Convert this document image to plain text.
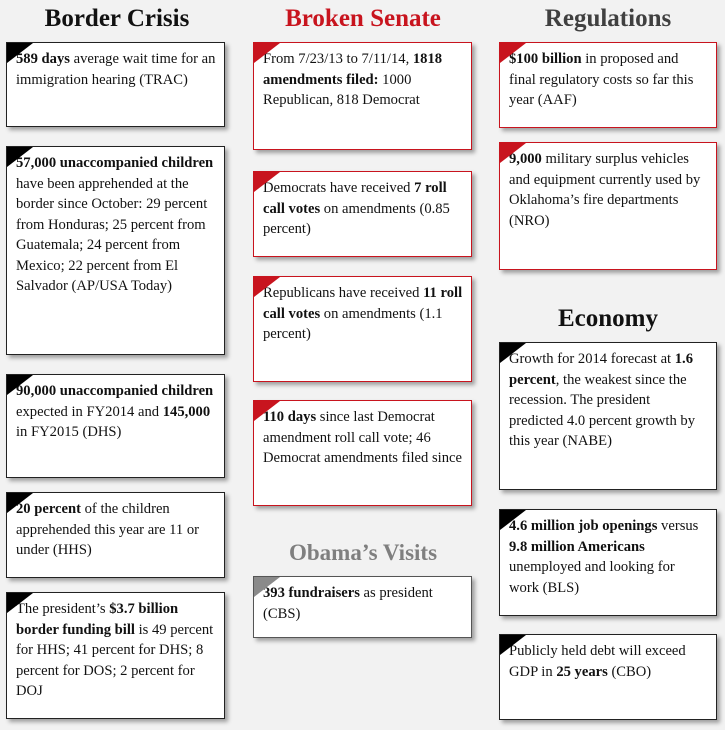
Border Crisis	Broken Senate	Regulations
Economy
Obama’s Visits
589 days average wait time for an immigration hearing (TRAC)
57,000 unaccompanied children have been apprehended at the border since October: 29 percent from Honduras; 25 percent from Guatemala; 24 percent from Mexico; 22 percent from El Salvador (AP/USA Today)
90,000 unaccompanied children expected in FY2014 and 145,000 in FY2015 (DHS)
20 percent of the children apprehended this year are 11 or under (HHS)
The president’s $3.7 billion border funding bill is 49 percent for HHS; 41 percent for DHS; 8 percent for DOS; 2 percent for DOJ
From 7/23/13 to 7/11/14, 1818 amendments filed: 1000 Republican, 818 Democrat
Democrats have received 7 roll call votes on amendments (0.85 percent)
Republicans have received 11 roll call votes on amendments (1.1 percent)
110 days since last Democrat amendment roll call vote; 46 Democrat amendments filed since
393 fundraisers as president (CBS)
$100 billion in proposed and final regulatory costs so far this year (AAF)
9,000 military surplus vehicles and equipment currently used by Oklahoma’s fire departments (NRO)
Growth for 2014 forecast at 1.6 percent, the weakest since the recession. The president predicted 4.0 percent growth by this year (NABE)
4.6 million job openings versus 9.8 million Americans unemployed and looking for work (BLS)
Publicly held debt will exceed GDP in 25 years (CBO)
